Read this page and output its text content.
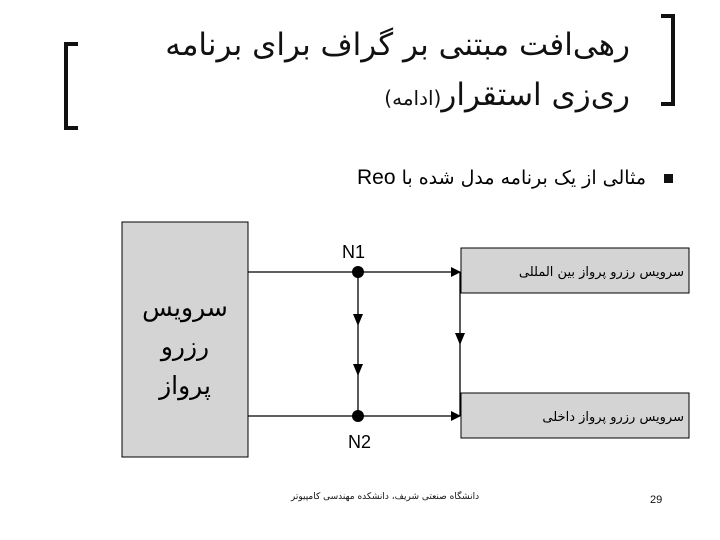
رهی‌افت مبتنی بر گراف برای برنامه
ری‌زی استقرار(ادامه)
مثالی از یک برنامه مدل شده با Reo
N1
N2
سرویس رزرو پرواز بین المللی
سرویس رزرو پرواز داخلی
سرویس
رزرو
پرواز
دانشگاه صنعتی شریف، دانشکده مهندسی کامپیوتر	29
